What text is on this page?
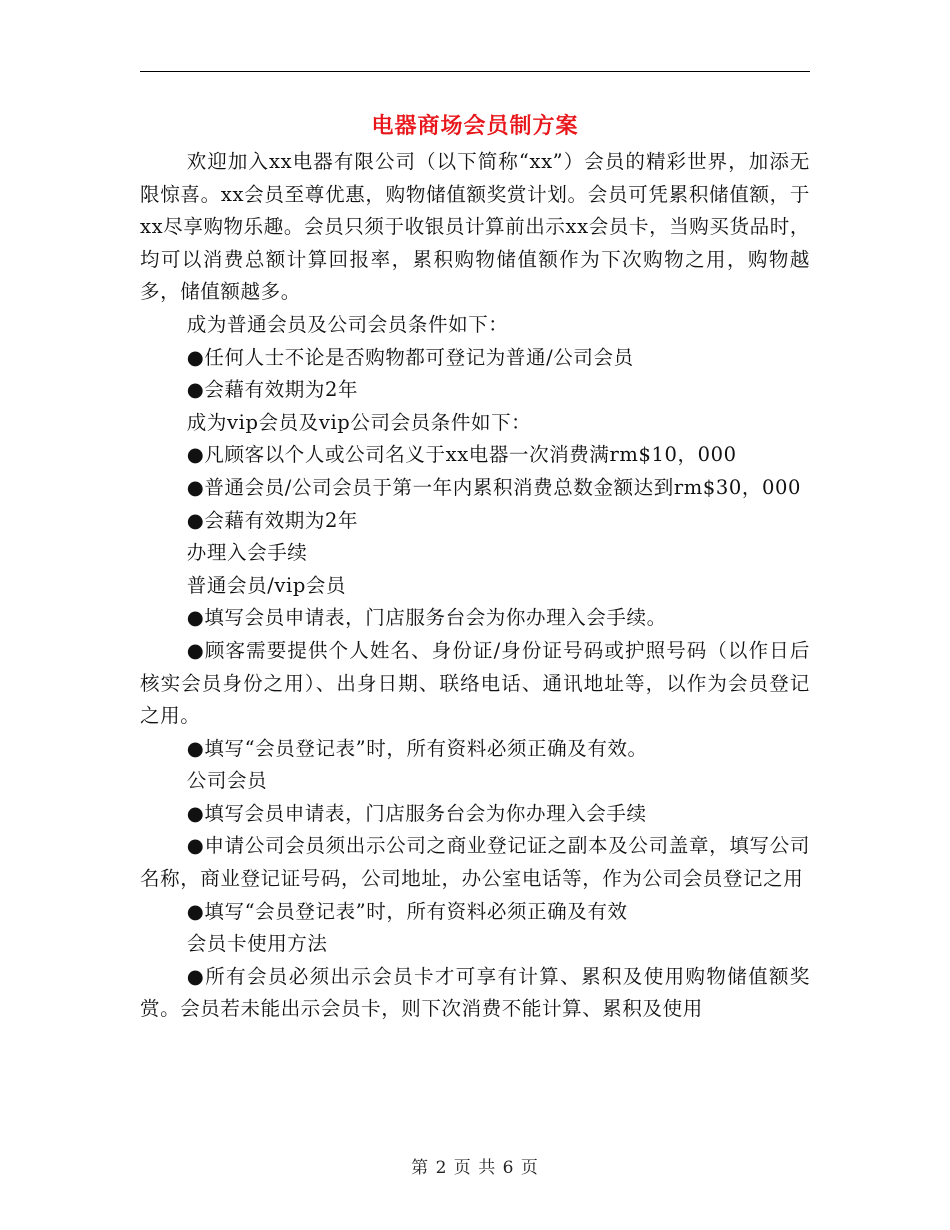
电器商场会员制方案

欢迎加入xx电器有限公司（以下简称“xx”）会员的精彩世界，加添无限惊喜。xx会员至尊优惠，购物储值额奖赏计划。会员可凭累积储值额，于xx尽享购物乐趣。会员只须于收银员计算前出示xx会员卡，当购买货品时，均可以消费总额计算回报率，累积购物储值额作为下次购物之用，购物越多，储值额越多。

成为普通会员及公司会员条件如下：

●任何人士不论是否购物都可登记为普通/公司会员

●会藉有效期为2年

成为vip会员及vip公司会员条件如下：

●凡顾客以个人或公司名义于xx电器一次消费满rm$10，000

●普通会员/公司会员于第一年内累积消费总数金额达到rm$30，000

●会藉有效期为2年

办理入会手续

普通会员/vip会员

●填写会员申请表，门店服务台会为你办理入会手续。

●顾客需要提供个人姓名、身份证/身份证号码或护照号码（以作日后核实会员身份之用）、出身日期、联络电话、通讯地址等，以作为会员登记之用。

●填写“会员登记表”时，所有资料必须正确及有效。

公司会员

●填写会员申请表，门店服务台会为你办理入会手续

●申请公司会员须出示公司之商业登记证之副本及公司盖章，填写公司名称，商业登记证号码，公司地址，办公室电话等，作为公司会员登记之用

●填写“会员登记表”时，所有资料必须正确及有效

会员卡使用方法

●所有会员必须出示会员卡才可享有计算、累积及使用购物储值额奖赏。会员若未能出示会员卡，则下次消费不能计算、累积及使用

第 2 页 共 6 页
